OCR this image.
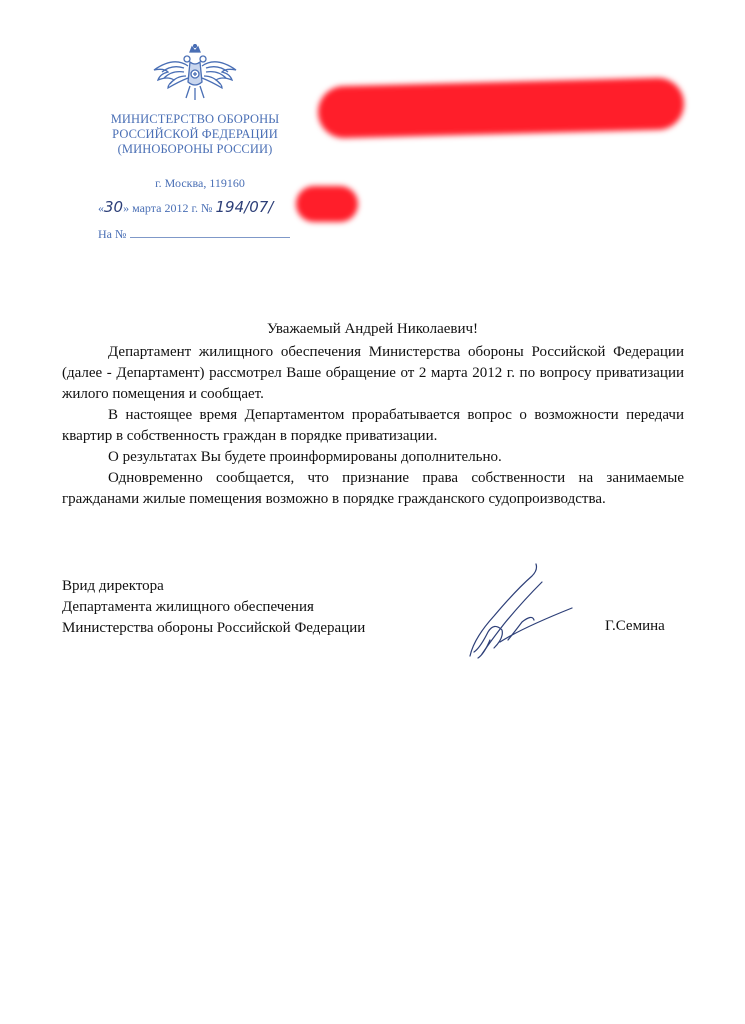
МИНИСТЕРСТВО ОБОРОНЫ
РОССИЙСКОЙ ФЕДЕРАЦИИ
(МИНОБОРОНЫ РОССИИ)
г. Москва, 119160
«30» марта 2012 г. № 194/07/
На №
Уважаемый Андрей Николаевич!

Департамент жилищного обеспечения Министерства обороны Российской Федерации (далее - Департамент) рассмотрел Ваше обращение от 2 марта 2012 г. по вопросу приватизации жилого помещения и сообщает.

В настоящее время Департаментом прорабатывается вопрос о возможности передачи квартир в собственность граждан в порядке приватизации.

О результатах Вы будете проинформированы дополнительно.

Одновременно сообщается, что признание права собственности на занимаемые гражданами жилые помещения возможно в порядке гражданского судопроизводства.

Врид директора
Департамента жилищного обеспечения
Министерства обороны Российской Федерации	Г.Семина
